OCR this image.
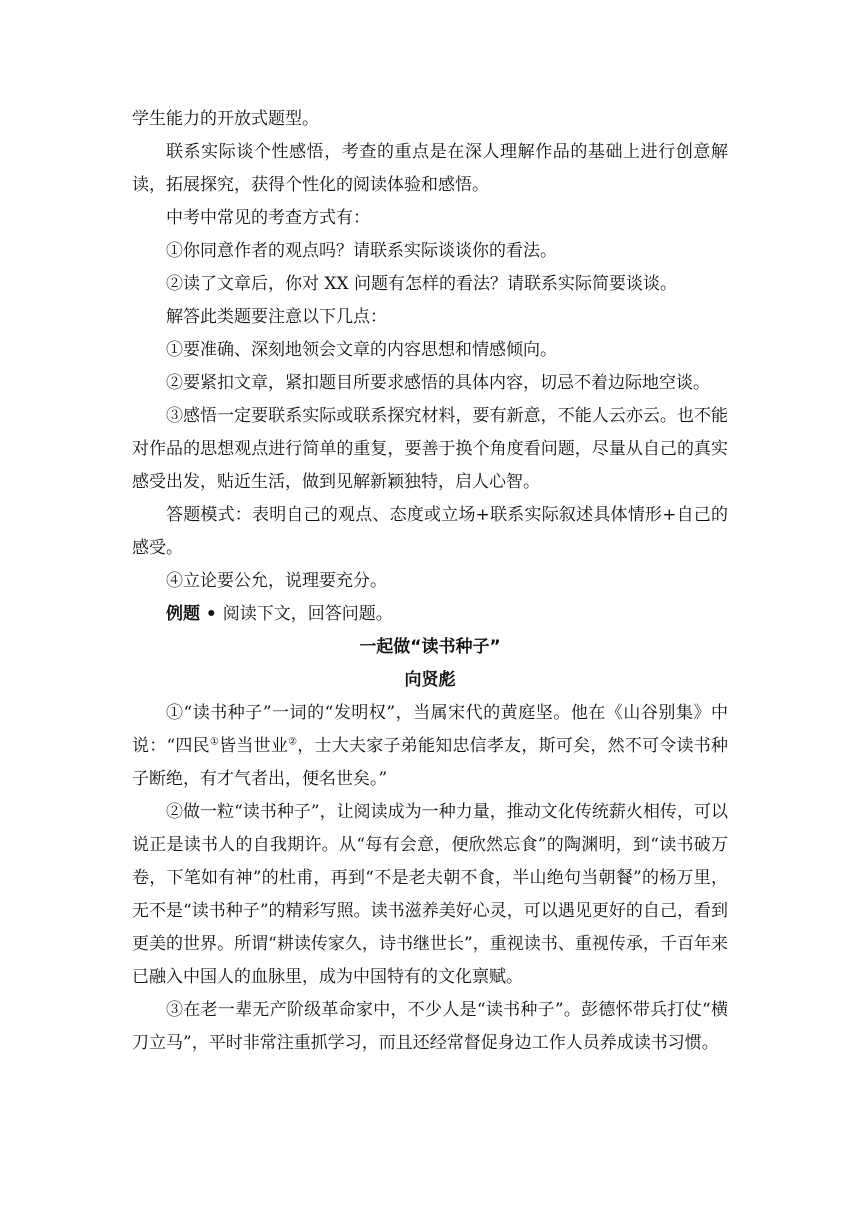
学生能力的开放式题型。

联系实际谈个性感悟，考查的重点是在深人理解作品的基础上进行创意解读，拓展探究，获得个性化的阅读体验和感悟。

中考中常见的考查方式有：

①你同意作者的观点吗？请联系实际谈谈你的看法。

②读了文章后，你对 XX 问题有怎样的看法？请联系实际简要谈谈。

解答此类题要注意以下几点：

①要准确、深刻地领会文章的内容思想和情感倾向。

②要紧扣文章，紧扣题目所要求感悟的具体内容，切忌不着边际地空谈。

③感悟一定要联系实际或联系探究材料，要有新意，不能人云亦云。也不能对作品的思想观点进行简单的重复，要善于换个角度看问题，尽量从自己的真实感受出发，贴近生活，做到见解新颖独特，启人心智。

答题模式：表明自己的观点、态度或立场+联系实际叙述具体情形+自己的感受。

④立论要公允，说理要充分。

例题 • 阅读下文，回答问题。

一起做“读书种子”

向贤彪

①“读书种子”一词的“发明权”，当属宋代的黄庭坚。他在《山谷别集》中说：“四民①皆当世业②，士大夫家子弟能知忠信孝友，斯可矣，然不可令读书种子断绝，有才气者出，便名世矣。”

②做一粒“读书种子”，让阅读成为一种力量，推动文化传统薪火相传，可以说正是读书人的自我期许。从“每有会意，便欣然忘食”的陶渊明，到“读书破万卷，下笔如有神”的杜甫，再到“不是老夫朝不食，半山绝句当朝餐”的杨万里，无不是“读书种子”的精彩写照。读书滋养美好心灵，可以遇见更好的自己，看到更美的世界。所谓“耕读传家久，诗书继世长”，重视读书、重视传承，千百年来已融入中国人的血脉里，成为中国特有的文化禀赋。

③在老一辈无产阶级革命家中，不少人是“读书种子”。彭德怀带兵打仗“横刀立马”，平时非常注重抓学习，而且还经常督促身边工作人员养成读书习惯。
